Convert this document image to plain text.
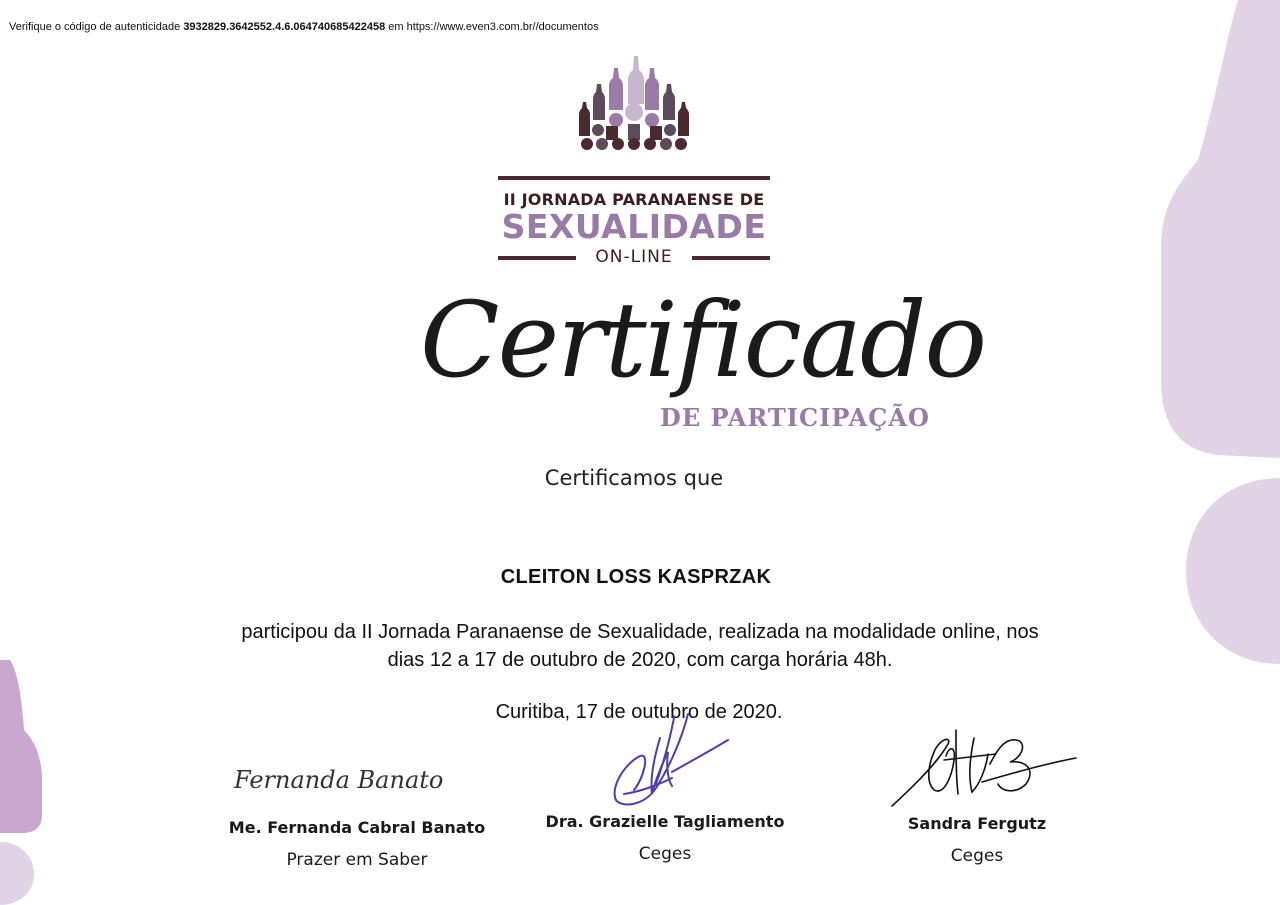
Verifique o código de autenticidade 3932829.3642552.4.6.064740685422458 em https://www.even3.com.br//documentos
II JORNADA PARANAENSE DE
SEXUALIDADE
ON-LINE
Certificado
DE PARTICIPAÇÃO
Certificamos que
CLEITON LOSS KASPRZAK
participou da II Jornada Paranaense de Sexualidade, realizada na modalidade online, nos
dias 12 a 17 de outubro de 2020, com carga horária 48h.
Curitiba, 17 de outubro de 2020.
Fernanda Banato
Me. Fernanda Cabral Banato
Prazer em Saber
Dra. Grazielle Tagliamento
Ceges
Sandra Fergutz
Ceges
